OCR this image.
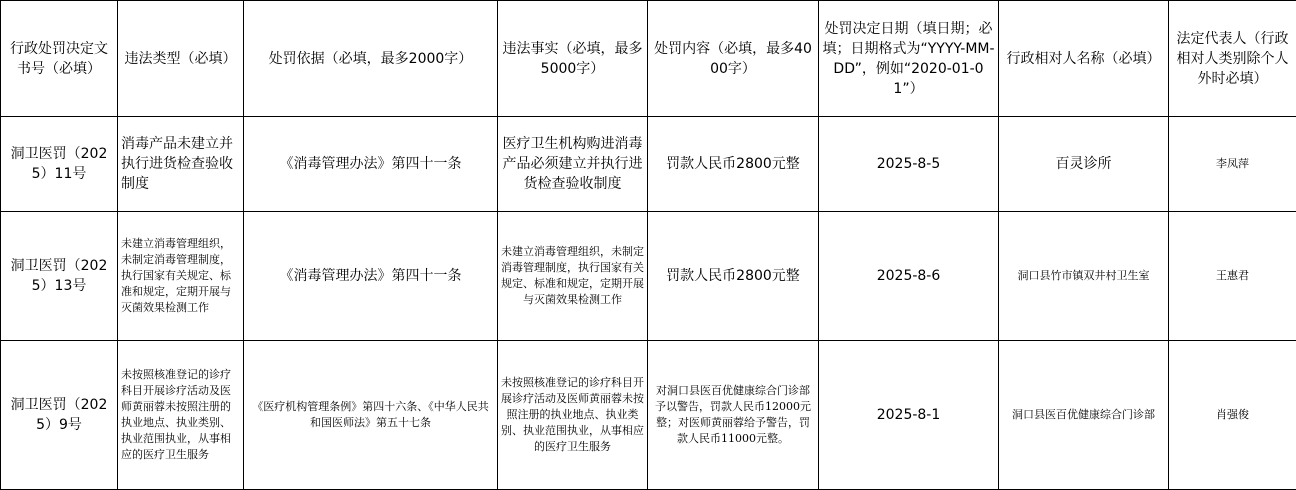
行政处罚决定文书号（必填）	违法类型（必填）	处罚依据（必填，最多2000字）	违法事实（必填，最多5000字）	处罚内容（必填，最多4000字）	处罚决定日期（填日期；必填；日期格式为“YYYY-MM-DD”，例如“2020-01-01”）	行政相对人名称（必填）	法定代表人（行政相对人类别除个人外时必填）
洞卫医罚（2025）11号	消毒产品未建立并执行进货检查验收制度	《消毒管理办法》第四十一条	医疗卫生机构购进消毒产品必须建立并执行进货检查验收制度	罚款人民币2800元整	2025-8-5	百灵诊所	李凤萍
洞卫医罚（2025）13号	未建立消毒管理组织，未制定消毒管理制度，执行国家有关规定、标准和规定，定期开展与灭菌效果检测工作	《消毒管理办法》第四十一条	未建立消毒管理组织，未制定消毒管理制度，执行国家有关规定、标准和规定，定期开展与灭菌效果检测工作	罚款人民币2800元整	2025-8-6	洞口县竹市镇双井村卫生室	王惠君
洞卫医罚（2025）9号	未按照核准登记的诊疗科目开展诊疗活动及医师黄丽蓉未按照注册的执业地点、执业类别、执业范围执业，从事相应的医疗卫生服务	《医疗机构管理条例》第四十六条、《中华人民共和国医师法》第五十七条	未按照核准登记的诊疗科目开展诊疗活动及医师黄丽蓉未按照注册的执业地点、执业类别、执业范围执业，从事相应的医疗卫生服务	对洞口县医百优健康综合门诊部予以警告，罚款人民币12000元整；对医师黄丽蓉给予警告，罚款人民币11000元整。	2025-8-1	洞口县医百优健康综合门诊部	肖强俊
